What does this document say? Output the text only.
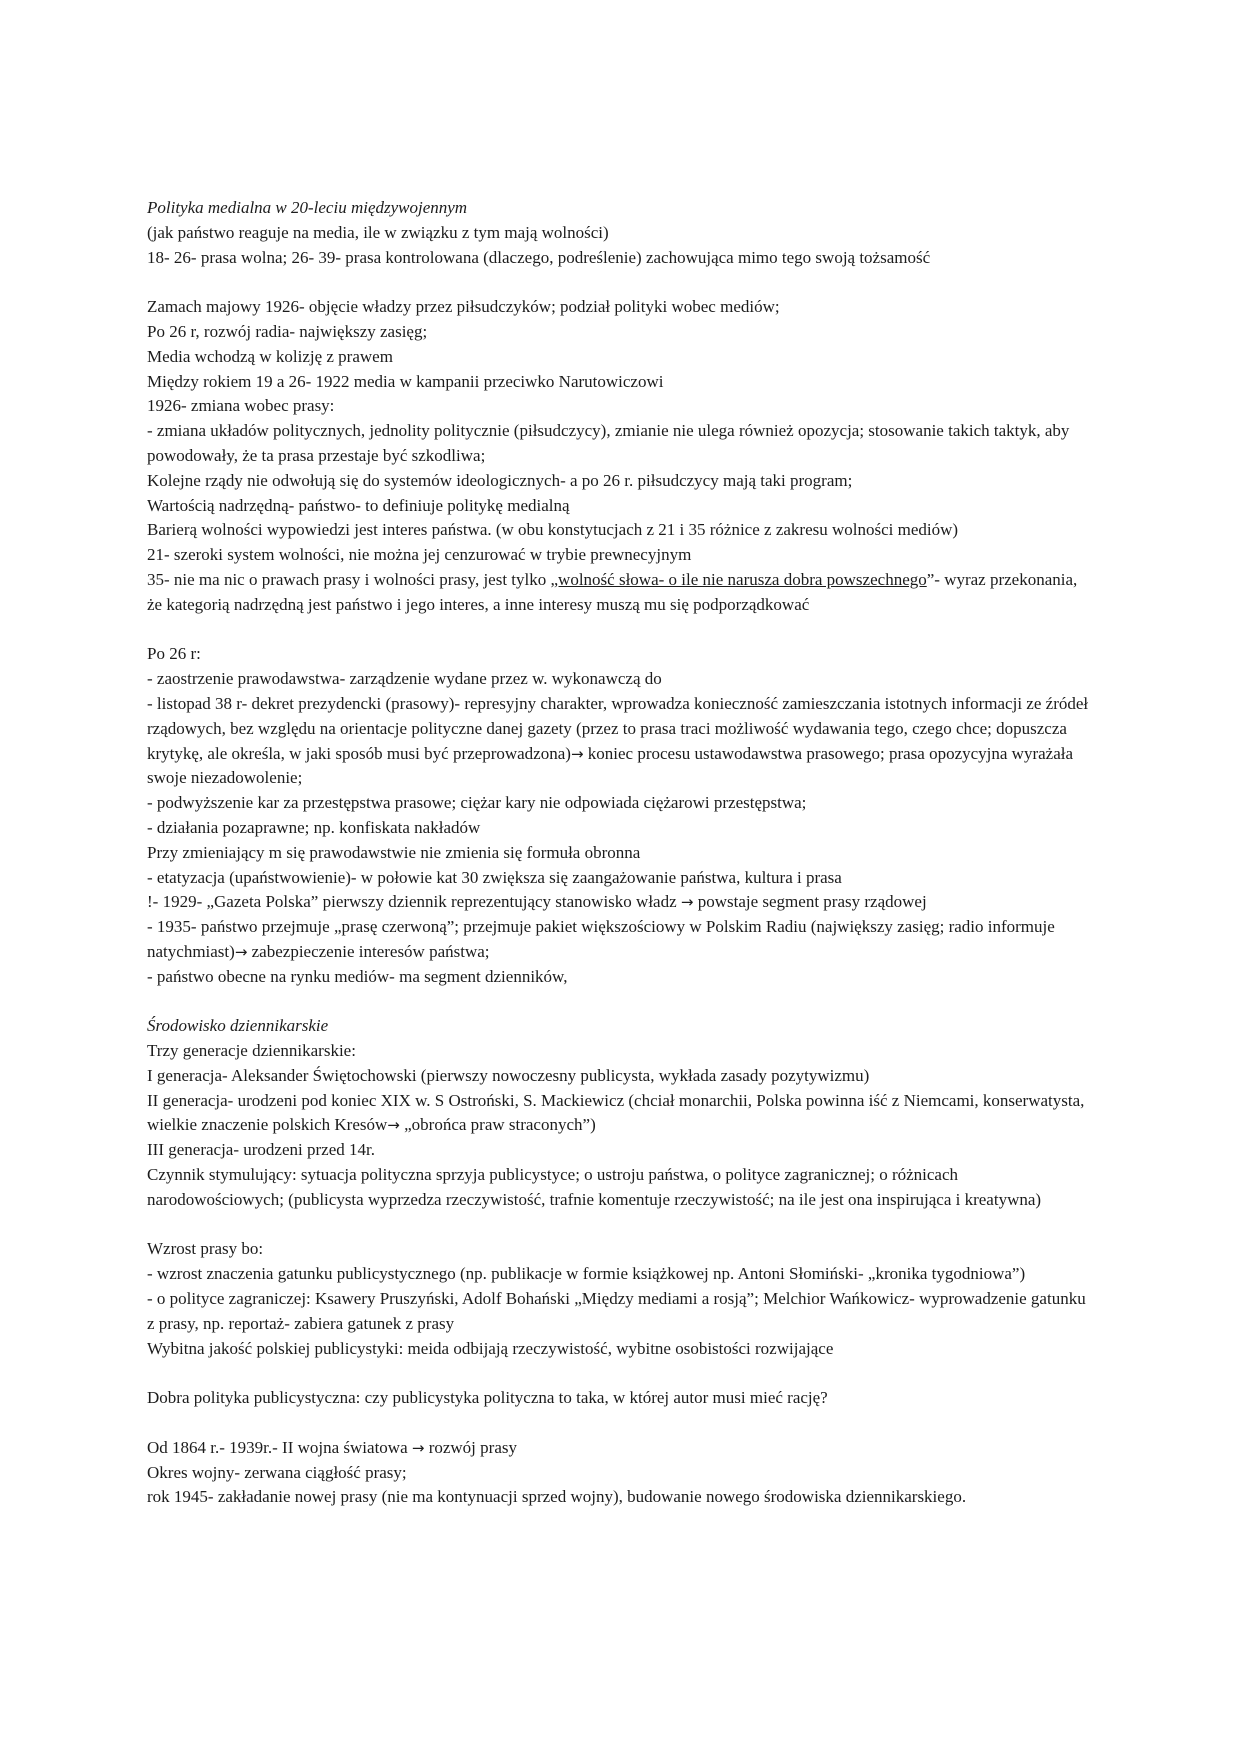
Polityka medialna w 20-leciu międzywojennym
(jak państwo reaguje na media, ile w związku z tym mają wolności)
18- 26- prasa wolna; 26- 39- prasa kontrolowana (dlaczego, podreślenie) zachowująca mimo tego swoją tożsamość
Zamach majowy 1926- objęcie władzy przez piłsudczyków; podział polityki wobec mediów;
Po 26 r, rozwój radia- największy zasięg;
Media wchodzą w kolizję z prawem
Między rokiem 19 a 26- 1922 media w kampanii przeciwko Narutowiczowi
1926- zmiana wobec prasy:
- zmiana układów politycznych, jednolity politycznie (piłsudczycy), zmianie nie ulega również opozycja; stosowanie takich taktyk, aby powodowały, że ta prasa przestaje być szkodliwa;
Kolejne rządy nie odwołują się do systemów ideologicznych- a po 26 r. piłsudczycy mają taki program;
Wartością nadrzędną- państwo- to definiuje politykę medialną
Barierą wolności wypowiedzi jest interes państwa. (w obu konstytucjach z 21 i 35 różnice z zakresu wolności mediów)
21- szeroki system wolności, nie można jej cenzurować w trybie prewnecyjnym
35- nie ma nic o prawach prasy i wolności prasy, jest tylko „wolność słowa- o ile nie narusza dobra powszechnego”- wyraz przekonania, że kategorią nadrzędną jest państwo i jego interes, a inne interesy muszą mu się podporządkować
Po 26 r:
- zaostrzenie prawodawstwa- zarządzenie wydane przez w. wykonawczą do
- listopad 38 r- dekret prezydencki (prasowy)- represyjny charakter, wprowadza konieczność zamieszczania istotnych informacji ze źródeł rządowych, bez względu na orientacje polityczne danej gazety (przez to prasa traci możliwość wydawania tego, czego chce; dopuszcza krytykę, ale określa, w jaki sposób musi być przeprowadzona)→ koniec procesu ustawodawstwa prasowego; prasa opozycyjna wyrażała swoje niezadowolenie;
- podwyższenie kar za przestępstwa prasowe; ciężar kary nie odpowiada ciężarowi przestępstwa;
- działania pozaprawne; np. konfiskata nakładów
Przy zmieniający m się prawodawstwie nie zmienia się formuła obronna
- etatyzacja (upaństwowienie)- w połowie kat 30 zwiększa się zaangażowanie państwa, kultura i prasa
!- 1929- „Gazeta Polska” pierwszy dziennik reprezentujący stanowisko władz → powstaje segment prasy rządowej
- 1935- państwo przejmuje „prasę czerwoną”; przejmuje pakiet większościowy w Polskim Radiu (największy zasięg; radio informuje natychmiast)→ zabezpieczenie interesów państwa;
- państwo obecne na rynku mediów- ma segment dzienników,
Środowisko dziennikarskie
Trzy generacje dziennikarskie:
I generacja- Aleksander Świętochowski (pierwszy nowoczesny publicysta, wykłada zasady pozytywizmu)
II generacja- urodzeni pod koniec XIX w. S Ostroński, S. Mackiewicz (chciał monarchii, Polska powinna iść z Niemcami, konserwatysta, wielkie znaczenie polskich Kresów→ „obrońca praw straconych”)
III generacja- urodzeni przed 14r.
Czynnik stymulujący: sytuacja polityczna sprzyja publicystyce; o ustroju państwa, o polityce zagranicznej; o różnicach narodowościowych; (publicysta wyprzedza rzeczywistość, trafnie komentuje rzeczywistość; na ile jest ona inspirująca i kreatywna)
Wzrost prasy bo:
- wzrost znaczenia gatunku publicystycznego (np. publikacje w formie książkowej np. Antoni Słomiński- „kronika tygodniowa”)
- o polityce zagraniczej: Ksawery Pruszyński, Adolf Bohański „Między mediami a rosją”; Melchior Wańkowicz- wyprowadzenie gatunku z prasy, np. reportaż- zabiera gatunek z prasy
Wybitna jakość polskiej publicystyki: meida odbijają rzeczywistość, wybitne osobistości rozwijające
Dobra polityka publicystyczna: czy publicystyka polityczna to taka, w której autor musi mieć rację?
Od 1864 r.- 1939r.- II wojna światowa → rozwój prasy
Okres wojny- zerwana ciągłość prasy;
rok 1945- zakładanie nowej prasy (nie ma kontynuacji sprzed wojny), budowanie nowego środowiska dziennikarskiego.
